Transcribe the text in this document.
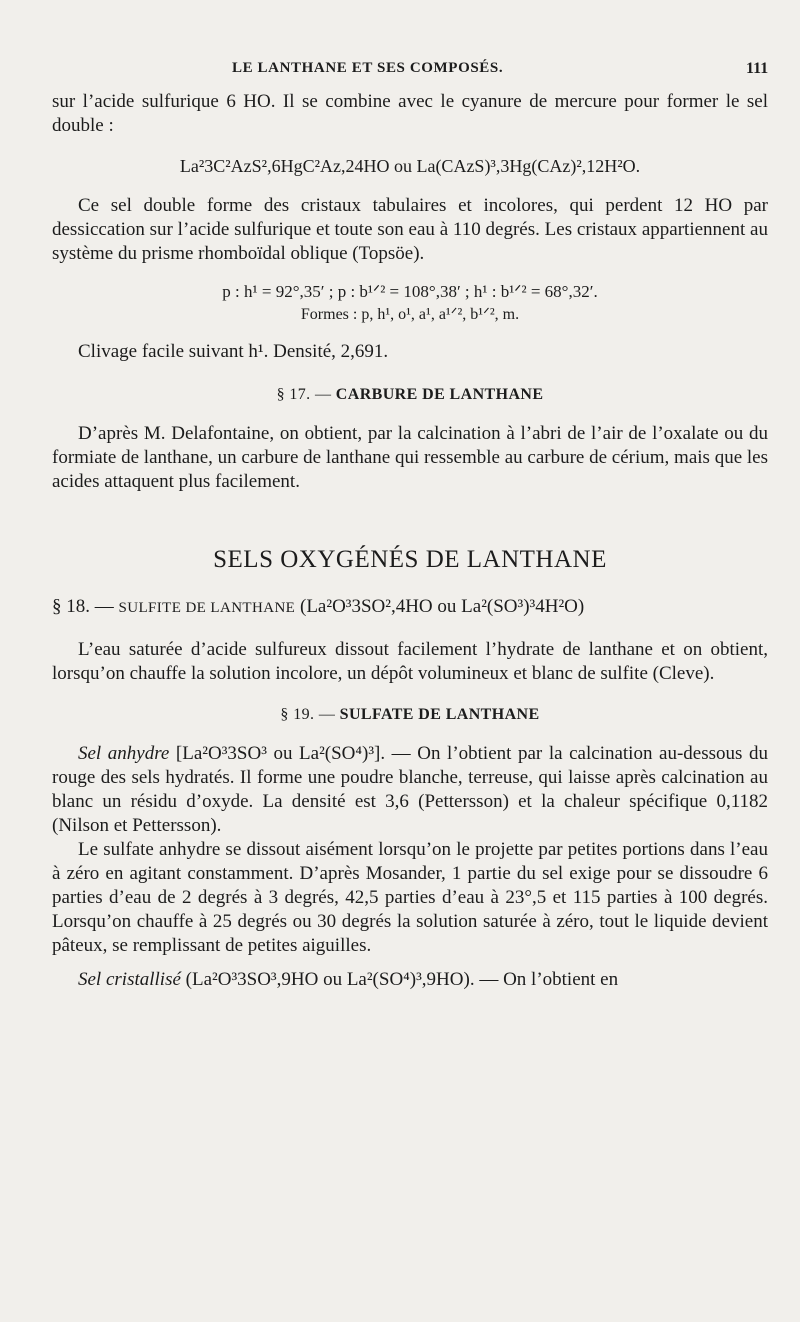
LE LANTHANE ET SES COMPOSÉS.	111

sur l’acide sulfurique 6 HO. Il se combine avec le cyanure de mercure pour former le sel double :

La²3C²AzS²,6HgC²Az,24HO ou La(CAzS)³,3Hg(CAz)²,12H²O.

Ce sel double forme des cristaux tabulaires et incolores, qui perdent 12 HO par dessiccation sur l’acide sulfurique et toute son eau à 110 degrés. Les cristaux appartiennent au système du prisme rhomboïdal oblique (Topsöe).

p : h¹ = 92°,35′ ; p : b¹ᐟ² = 108°,38′ ; h¹ : b¹ᐟ² = 68°,32′.

Formes : p, h¹, o¹, a¹, a¹ᐟ², b¹ᐟ², m.

Clivage facile suivant h¹. Densité, 2,691.

§ 17. — CARBURE DE LANTHANE

D’après M. Delafontaine, on obtient, par la calcination à l’abri de l’air de l’oxalate ou du formiate de lanthane, un carbure de lanthane qui ressemble au carbure de cérium, mais que les acides attaquent plus facilement.

SELS OXYGÉNÉS DE LANTHANE
§ 18. — SULFITE DE LANTHANE (La²O³3SO²,4HO ou La²(SO³)³4H²O)

L’eau saturée d’acide sulfureux dissout facilement l’hydrate de lanthane et on obtient, lorsqu’on chauffe la solution incolore, un dépôt volumineux et blanc de sulfite (Cleve).

§ 19. — SULFATE DE LANTHANE

Sel anhydre [La²O³3SO³ ou La²(SO⁴)³]. — On l’obtient par la calcination au-dessous du rouge des sels hydratés. Il forme une poudre blanche, terreuse, qui laisse après calcination au blanc un résidu d’oxyde. La densité est 3,6 (Pettersson) et la chaleur spécifique 0,1182 (Nilson et Pettersson).

Le sulfate anhydre se dissout aisément lorsqu’on le projette par petites portions dans l’eau à zéro en agitant constamment. D’après Mosander, 1 partie du sel exige pour se dissoudre 6 parties d’eau de 2 degrés à 3 degrés, 42,5 parties d’eau à 23°,5 et 115 parties à 100 degrés. Lorsqu’on chauffe à 25 degrés ou 30 degrés la solution saturée à zéro, tout le liquide devient pâteux, se remplissant de petites aiguilles.

Sel cristallisé (La²O³3SO³,9HO ou La²(SO⁴)³,9HO). — On l’obtient en
